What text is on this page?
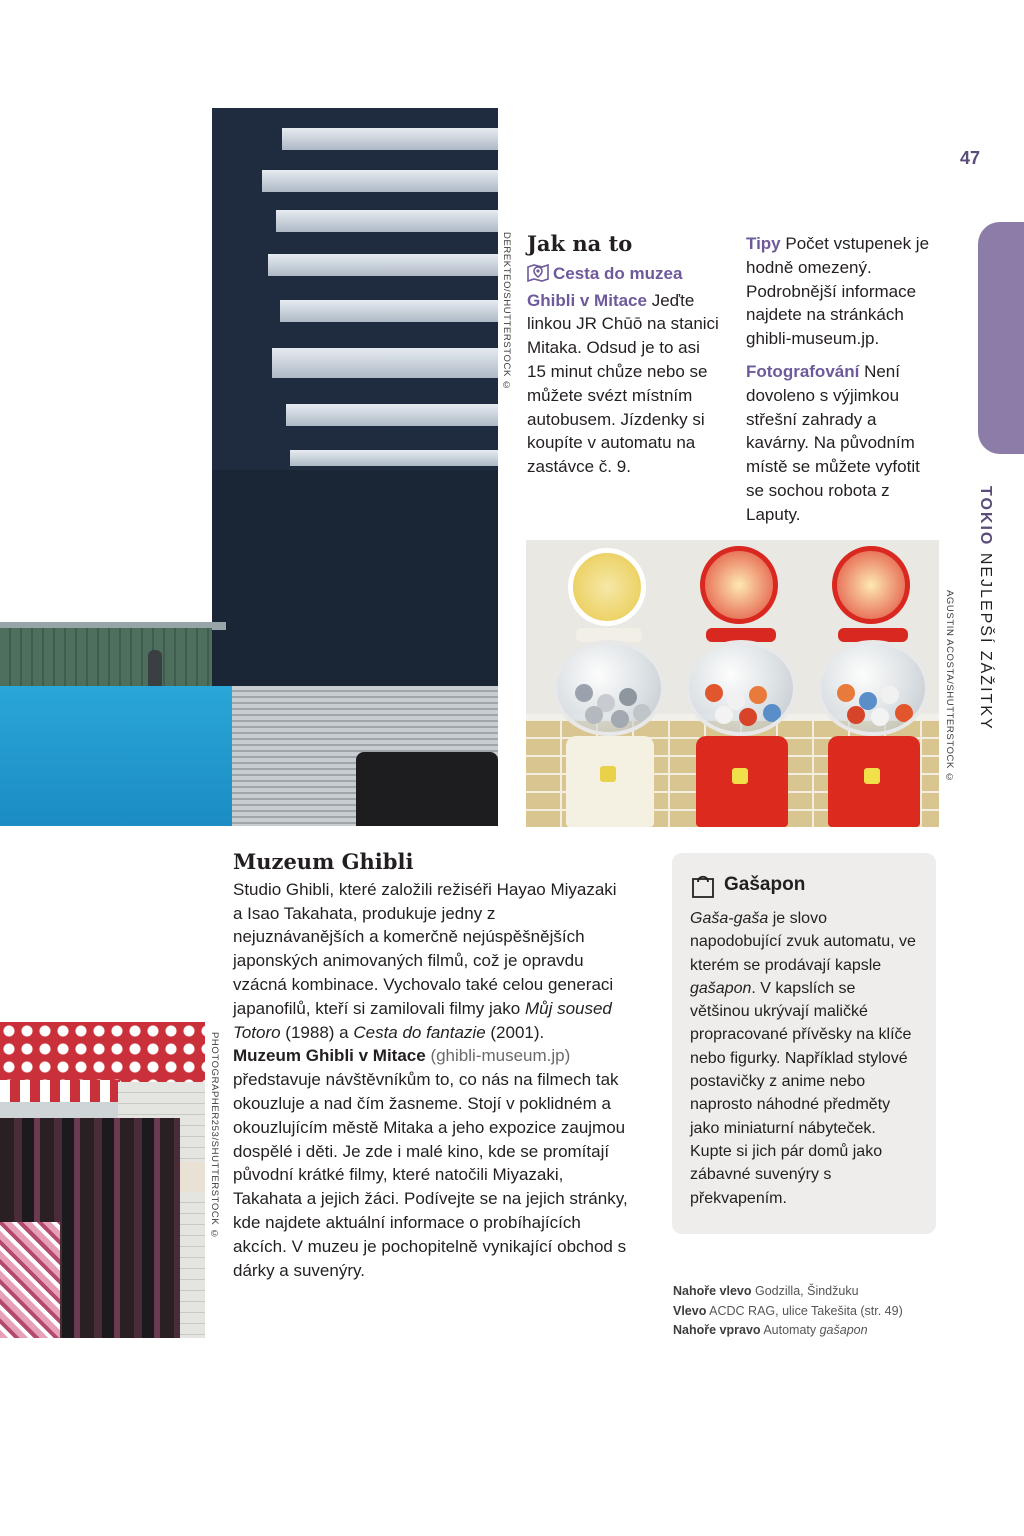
DEREKTEO/SHUTTERSTOCK ©
47
TOKIO NEJLEPŠÍ ZÁŽITKY
AGUSTIN ACOSTA/SHUTTERSTOCK ©
Jak na to

Cesta do muzea Ghibli v Mitace Jeďte linkou JR Chūō na stanici Mitaka. Odsud je to asi 15 minut chůze nebo se můžete svézt místním autobusem. Jízdenky si koupíte v automatu na zastávce č. 9.

Tipy Počet vstupenek je hodně omezený. Podrobnější informace najdete na stránkách ghibli-museum.jp.

Fotografování Není dovoleno s výjimkou střešní zahrady a kavárny. Na původním místě se můžete vyfotit se sochou robota z Laputy.

Muzeum Ghibli

Studio Ghibli, které založili režiséři Hayao Miyazaki a Isao Takahata, produkuje jedny z nejuznávanějších a komerčně nejúspěšnějších japonských animovaných filmů, což je opravdu vzácná kombinace. Vychovalo také celou generaci japanofilů, kteří si zamilovali filmy jako Můj soused Totoro (1988) a Cesta do fantazie (2001).

Muzeum Ghibli v Mitace (ghibli-museum.jp) představuje návštěvníkům to, co nás na filmech tak okouzluje a nad čím žasneme. Stojí v poklidném a okouzlujícím městě Mitaka a jeho expozice zaujmou dospělé i děti. Je zde i malé kino, kde se promítají původní krátké filmy, které natočili Miyazaki, Takahata a jejich žáci. Podívejte se na jejich stránky, kde najdete aktuální informace o probíhajících akcích. V muzeu je pochopitelně vynikající obchod s dárky a suvenýry.

PHOTOGRAPHER253/SHUTTERSTOCK ©
Gašapon

Gaša-gaša je slovo napodobující zvuk automatu, ve kterém se prodávají kapsle gašapon. V kapslích se většinou ukrývají maličké propracované přívěsky na klíče nebo figurky. Například stylové postavičky z anime nebo naprosto náhodné předměty jako miniaturní nábyteček. Kupte si jich pár domů jako zábavné suvenýry s překvapením.

Nahoře vlevo Godzilla, Šindžuku
Vlevo ACDC RAG, ulice Takešita (str. 49)
Nahoře vpravo Automaty gašapon
